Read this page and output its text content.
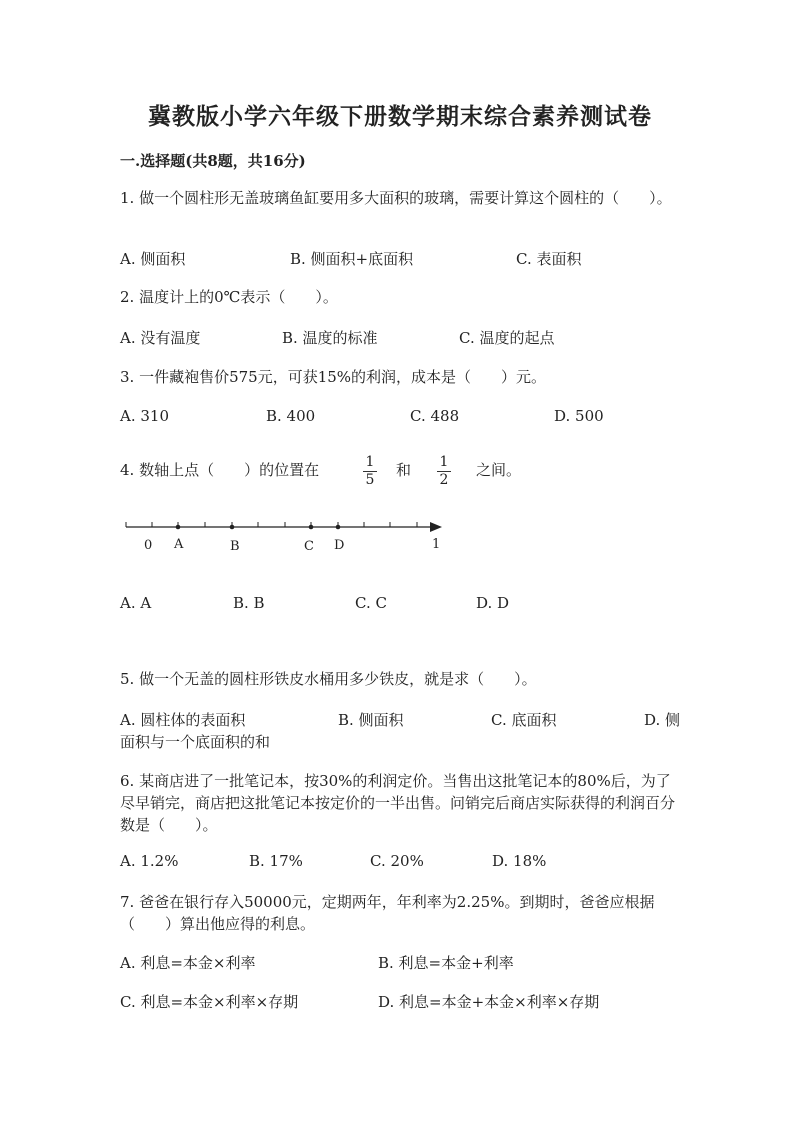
冀教版小学六年级下册数学期末综合素养测试卷
一.选择题(共8题，共16分)

1. 做一个圆柱形无盖玻璃鱼缸要用多大面积的玻璃，需要计算这个圆柱的（　　）。

A. 侧面积	B. 侧面积+底面积	C. 表面积

2. 温度计上的0℃表示（　　）。

A. 没有温度	B. 温度的标准	C. 温度的起点

3. 一件藏袍售价575元，可获15%的利润，成本是（　　）元。

A. 310	B. 400	C. 488	D. 500
4. 数轴上点（　　）的位置在	和	之间。
1
5
1
2
0 A	B	C D	1
A. A	B. B	C. C	D. D

5. 做一个无盖的圆柱形铁皮水桶用多少铁皮，就是求（　　）。

A. 圆柱体的表面积	B. 侧面积	C. 底面积	D. 侧

面积与一个底面积的和

6. 某商店进了一批笔记本，按30%的利润定价。当售出这批笔记本的80%后，为了尽早销完，商店把这批笔记本按定价的一半出售。问销完后商店实际获得的利润百分数是（　　）。

A. 1.2%	B. 17%	C. 20%	D. 18%

7. 爸爸在银行存入50000元，定期两年，年利率为2.25%。到期时，爸爸应根据（　　）算出他应得的利息。

A. 利息=本金×利率	B. 利息=本金+利率
C. 利息=本金×利率×存期	D. 利息=本金+本金×利率×存期
